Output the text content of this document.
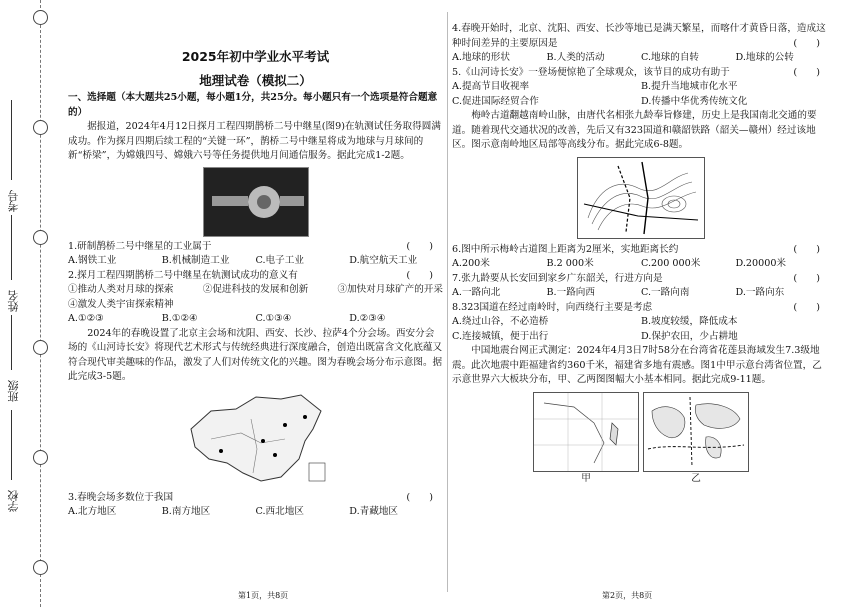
考号
姓名
班级
学校
2025年初中学业水平考试
地理试卷（模拟二）

一、选择题（本大题共25小题，每小题1分，共25分。每小题只有一个选项是符合题意的）

据报道，2024年4月12日探月工程四期鹊桥二号中继星(图9)在轨测试任务取得圆满成功。作为探月四期后续工程的“关键一环”，鹊桥二号中继星将成为地球与月球间的新“桥梁”，为嫦娥四号、嫦娥六号等任务提供地月间通信服务。据此完成1-2题。

1.研制鹊桥二号中继星的工业属于	(　　)
A.钢铁工业	B.机械制造工业	C.电子工业	D.航空航天工业

2.探月工程四期鹊桥二号中继星在轨测试成功的意义有	(　　)
①推动人类对月球的探索	②促进科技的发展和创新	③加快对月球矿产的开采

④激发人类宇宙探索精神

A.①②③	B.①②④	C.①③④	D.②③④

2024年的春晚设置了北京主会场和沈阳、西安、长沙、拉萨4个分会场。西安分会场的《山河诗长安》将现代艺术形式与传统经典进行深度融合，创造出既富含文化底蕴又符合现代审美趣味的作品，激发了人们对传统文化的兴趣。图为春晚会场分布示意图。据此完成3-5题。

3.春晚会场多数位于我国	(　　)
A.北方地区	B.南方地区	C.西北地区	D.青藏地区
第1页，共8页

4.春晚开始时，北京、沈阳、西安、长沙等地已是满天繁星，而喀什才黄昏日落，造成这种时间差异的主要原因是	(　　)
A.地球的形状	B.人类的活动	C.地球的自转	D.地球的公转

5.《山河诗长安》一登场便惊艳了全球观众，该节目的成功有助于	(　　)
A.提高节目收视率	B.提升当地城市化水平
C.促进国际经贸合作	D.传播中华优秀传统文化

梅岭古道翻越南岭山脉，由唐代名相张九龄奉旨修建，历史上是我国南北交通的要道。随着现代交通状况的改善，先后又有323国道和赣韶铁路（韶关—赣州）经过该地区。图示意南岭地区局部等高线分布。据此完成6-8题。

6.图中所示梅岭古道图上距离为2厘米，实地距离长约	(　　)
A.200米	B.2 000米	C.200 000米	D.20000米

7.张九龄要从长安回到家乡广东韶关，行进方向是	(　　)
A.一路向北	B.一路向西	C.一路向南	D.一路向东

8.323国道在经过南岭时，向西绕行主要是考虑	(　　)
A.绕过山谷，不必造桥	B.坡度较缓，降低成本
C.连接城镇，便于出行	D.保护农田，少占耕地

中国地震台网正式测定：2024年4月3日7时58分在台湾省花莲县海域发生7.3级地震。此次地震中距福建省约360千米，福建省多地有震感。图1中甲示意台湾省位置，乙示意世界六大板块分布，甲、乙两图图幅大小基本相同。据此完成9-11题。

甲	乙
第2页，共8页
